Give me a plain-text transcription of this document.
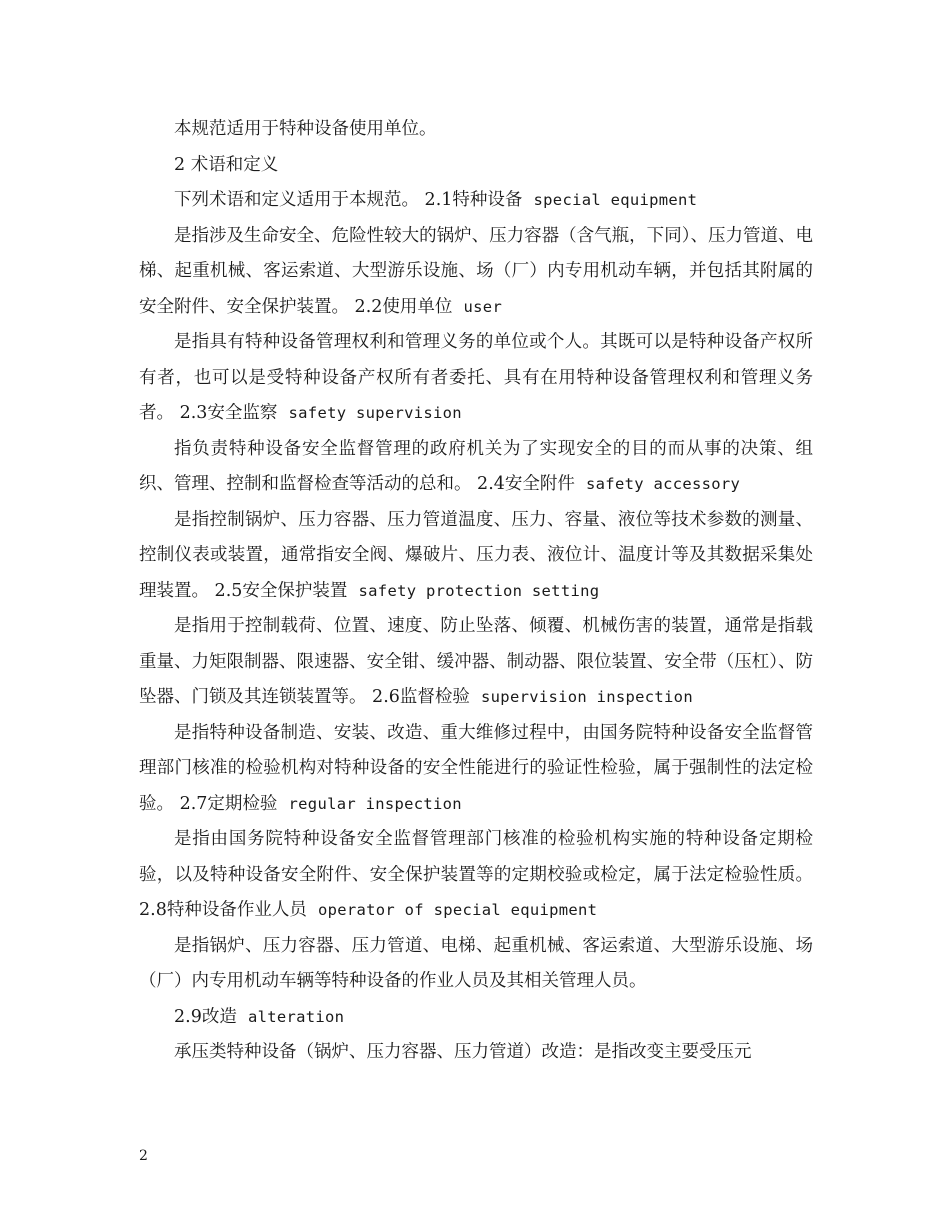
本规范适用于特种设备使用单位。

2 术语和定义

下列术语和定义适用于本规范。 2.1特种设备 special equipment

是指涉及生命安全、危险性较大的锅炉、压力容器（含气瓶，下同）、压力管道、电梯、起重机械、客运索道、大型游乐设施、场（厂）内专用机动车辆，并包括其附属的安全附件、安全保护装置。 2.2使用单位 user

是指具有特种设备管理权利和管理义务的单位或个人。其既可以是特种设备产权所有者，也可以是受特种设备产权所有者委托、具有在用特种设备管理权利和管理义务者。 2.3安全监察 safety supervision

指负责特种设备安全监督管理的政府机关为了实现安全的目的而从事的决策、组织、管理、控制和监督检查等活动的总和。 2.4安全附件 safety accessory

是指控制锅炉、压力容器、压力管道温度、压力、容量、液位等技术参数的测量、控制仪表或装置，通常指安全阀、爆破片、压力表、液位计、温度计等及其数据采集处理装置。 2.5安全保护装置 safety protection setting

是指用于控制载荷、位置、速度、防止坠落、倾覆、机械伤害的装置，通常是指载重量、力矩限制器、限速器、安全钳、缓冲器、制动器、限位装置、安全带（压杠）、防坠器、门锁及其连锁装置等。 2.6监督检验 supervision inspection

是指特种设备制造、安装、改造、重大维修过程中，由国务院特种设备安全监督管理部门核准的检验机构对特种设备的安全性能进行的验证性检验，属于强制性的法定检验。 2.7定期检验 regular inspection

是指由国务院特种设备安全监督管理部门核准的检验机构实施的特种设备定期检验，以及特种设备安全附件、安全保护装置等的定期校验或检定，属于法定检验性质。 2.8特种设备作业人员 operator of special equipment

是指锅炉、压力容器、压力管道、电梯、起重机械、客运索道、大型游乐设施、场（厂）内专用机动车辆等特种设备的作业人员及其相关管理人员。

2.9改造 alteration

承压类特种设备（锅炉、压力容器、压力管道）改造：是指改变主要受压元

2
